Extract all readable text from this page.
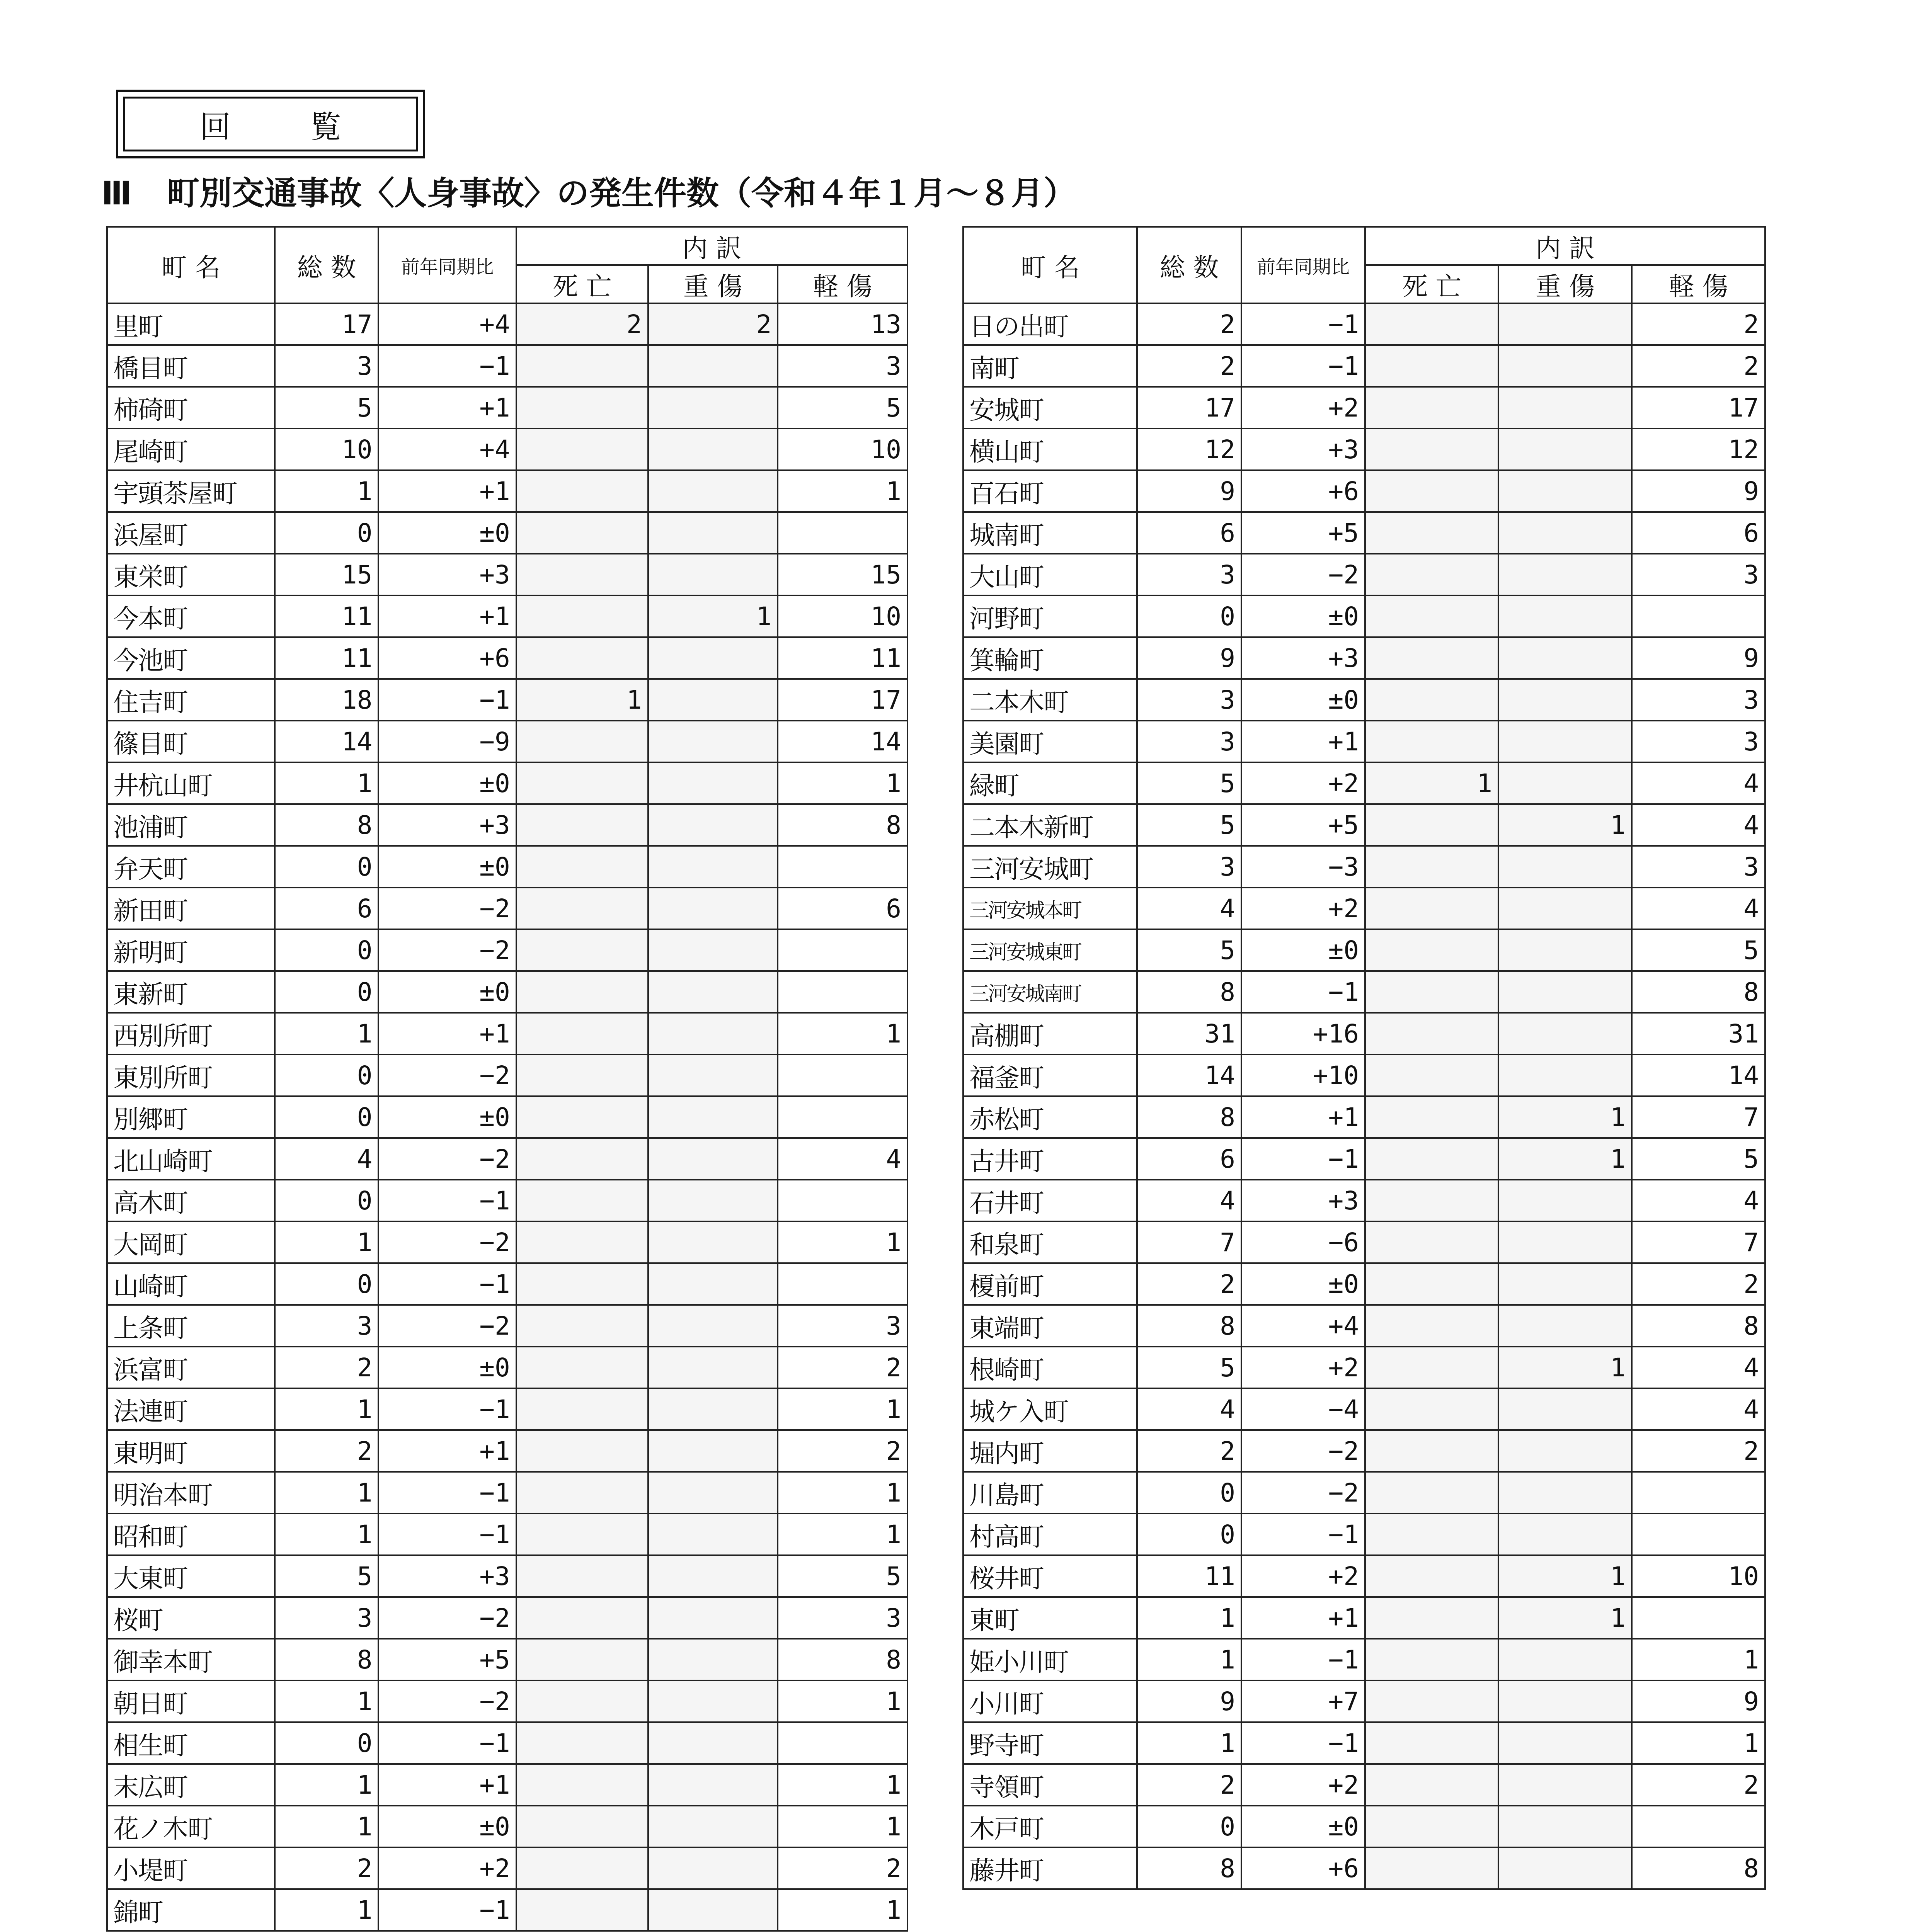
回 覧
Ⅲ 町別交通事故〈人身事故〉の発生件数（令和４年１月～８月）
町 名	総 数	前年同期比	内 訳		
			死 亡	重 傷	軽 傷
里町	17	+4	2	2	13
橋目町	3	−1			3
柿碕町	5	+1			5
尾崎町	10	+4			10
宇頭茶屋町	1	+1			1
浜屋町	0	±0			
東栄町	15	+3			15
今本町	11	+1		1	10
今池町	11	+6			11
住吉町	18	−1	1		17
篠目町	14	−9			14
井杭山町	1	±0			1
池浦町	8	+3			8
弁天町	0	±0			
新田町	6	−2			6
新明町	0	−2			
東新町	0	±0			
西別所町	1	+1			1
東別所町	0	−2			
別郷町	0	±0			
北山崎町	4	−2			4
高木町	0	−1			
大岡町	1	−2			1
山崎町	0	−1			
上条町	3	−2			3
浜富町	2	±0			2
法連町	1	−1			1
東明町	2	+1			2
明治本町	1	−1			1
昭和町	1	−1			1
大東町	5	+3			5
桜町	3	−2			3
御幸本町	8	+5			8
朝日町	1	−2			1
相生町	0	−1			
末広町	1	+1			1
花ノ木町	1	±0			1
小堤町	2	+2			2
錦町	1	−1			1
町 名	総 数	前年同期比	内 訳		
			死 亡	重 傷	軽 傷
日の出町	2	−1			2
南町	2	−1			2
安城町	17	+2			17
横山町	12	+3			12
百石町	9	+6			9
城南町	6	+5			6
大山町	3	−2			3
河野町	0	±0			
箕輪町	9	+3			9
二本木町	3	±0			3
美園町	3	+1			3
緑町	5	+2	1		4
二本木新町	5	+5		1	4
三河安城町	3	−3			3
三河安城本町	4	+2			4
三河安城東町	5	±0			5
三河安城南町	8	−1			8
高棚町	31	+16			31
福釜町	14	+10			14
赤松町	8	+1		1	7
古井町	6	−1		1	5
石井町	4	+3			4
和泉町	7	−6			7
榎前町	2	±0			2
東端町	8	+4			8
根崎町	5	+2		1	4
城ケ入町	4	−4			4
堀内町	2	−2			2
川島町	0	−2			
村高町	0	−1			
桜井町	11	+2		1	10
東町	1	+1		1	
姫小川町	1	−1			1
小川町	9	+7			9
野寺町	1	−1			1
寺領町	2	+2			2
木戸町	0	±0			
藤井町	8	+6			8
